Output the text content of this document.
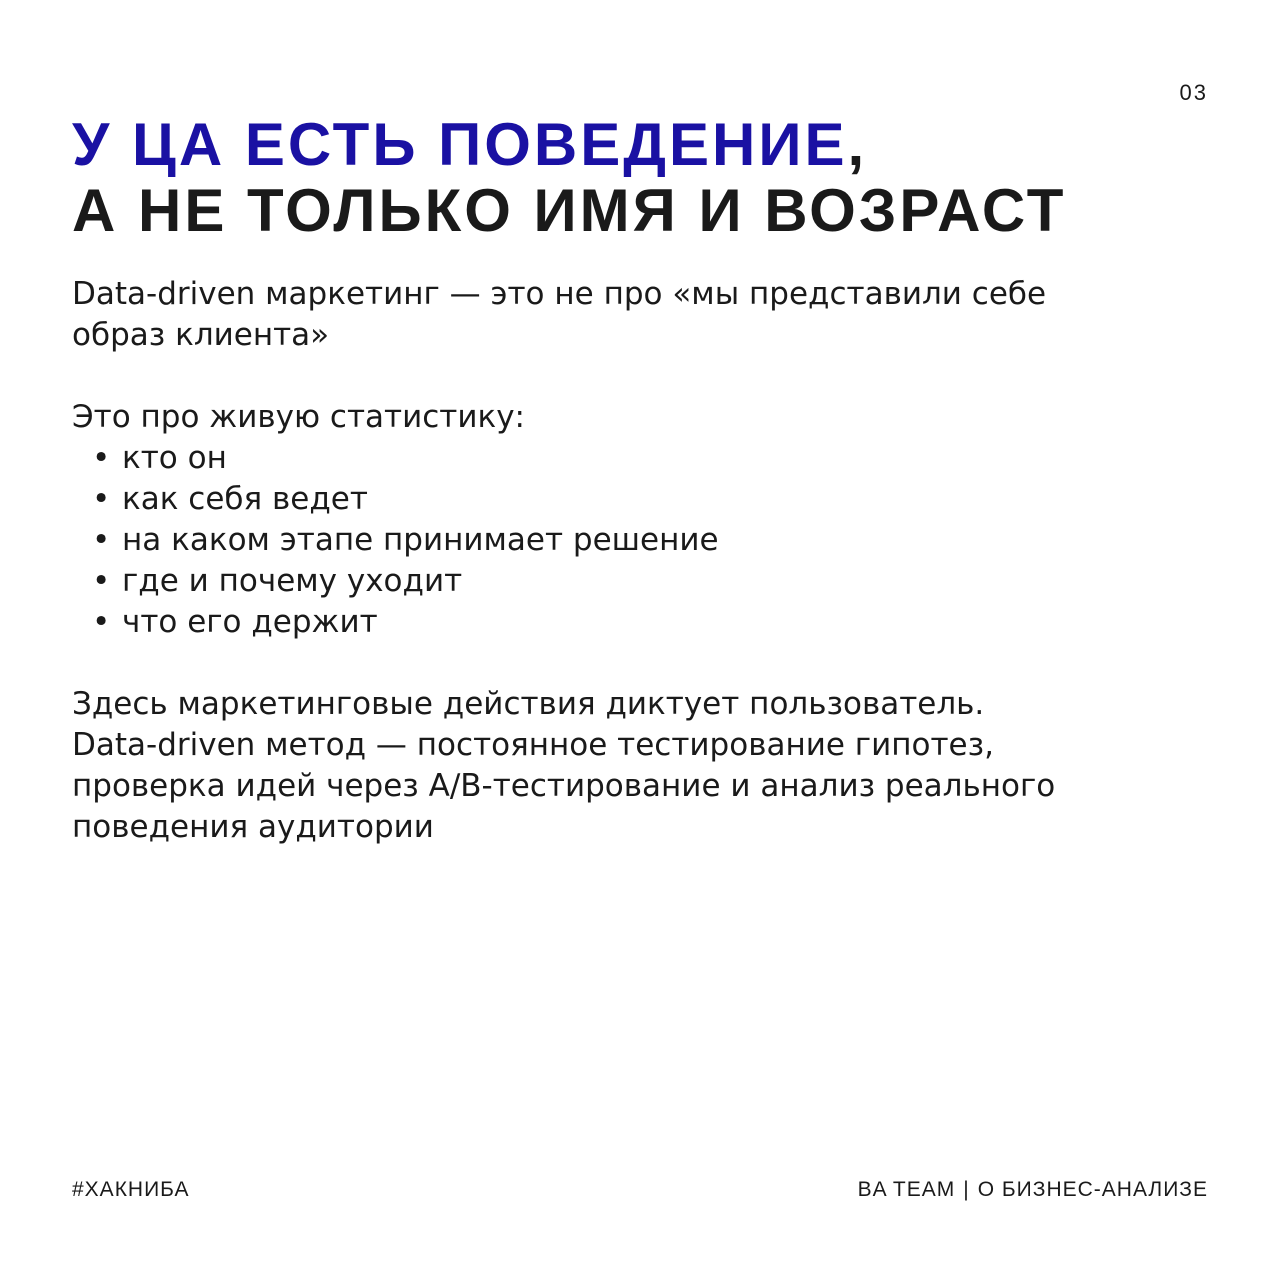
03
У ЦА ЕСТЬ ПОВЕДЕНИЕ,
А НЕ ТОЛЬКО ИМЯ И ВОЗРАСТ

Data-driven маркетинг — это не про «мы представили себе
образ клиента»

Это про живую статистику:

• кто он
• как себя ведет
• на каком этапе принимает решение
• где и почему уходит
• что его держит

Здесь маркетинговые действия диктует пользователь.
Data-driven метод — постоянное тестирование гипотез,
проверка идей через А/B-тестирование и анализ реального
поведения аудитории

#ХАКНИБА	BA TEAM | О БИЗНЕС-АНАЛИЗЕ
